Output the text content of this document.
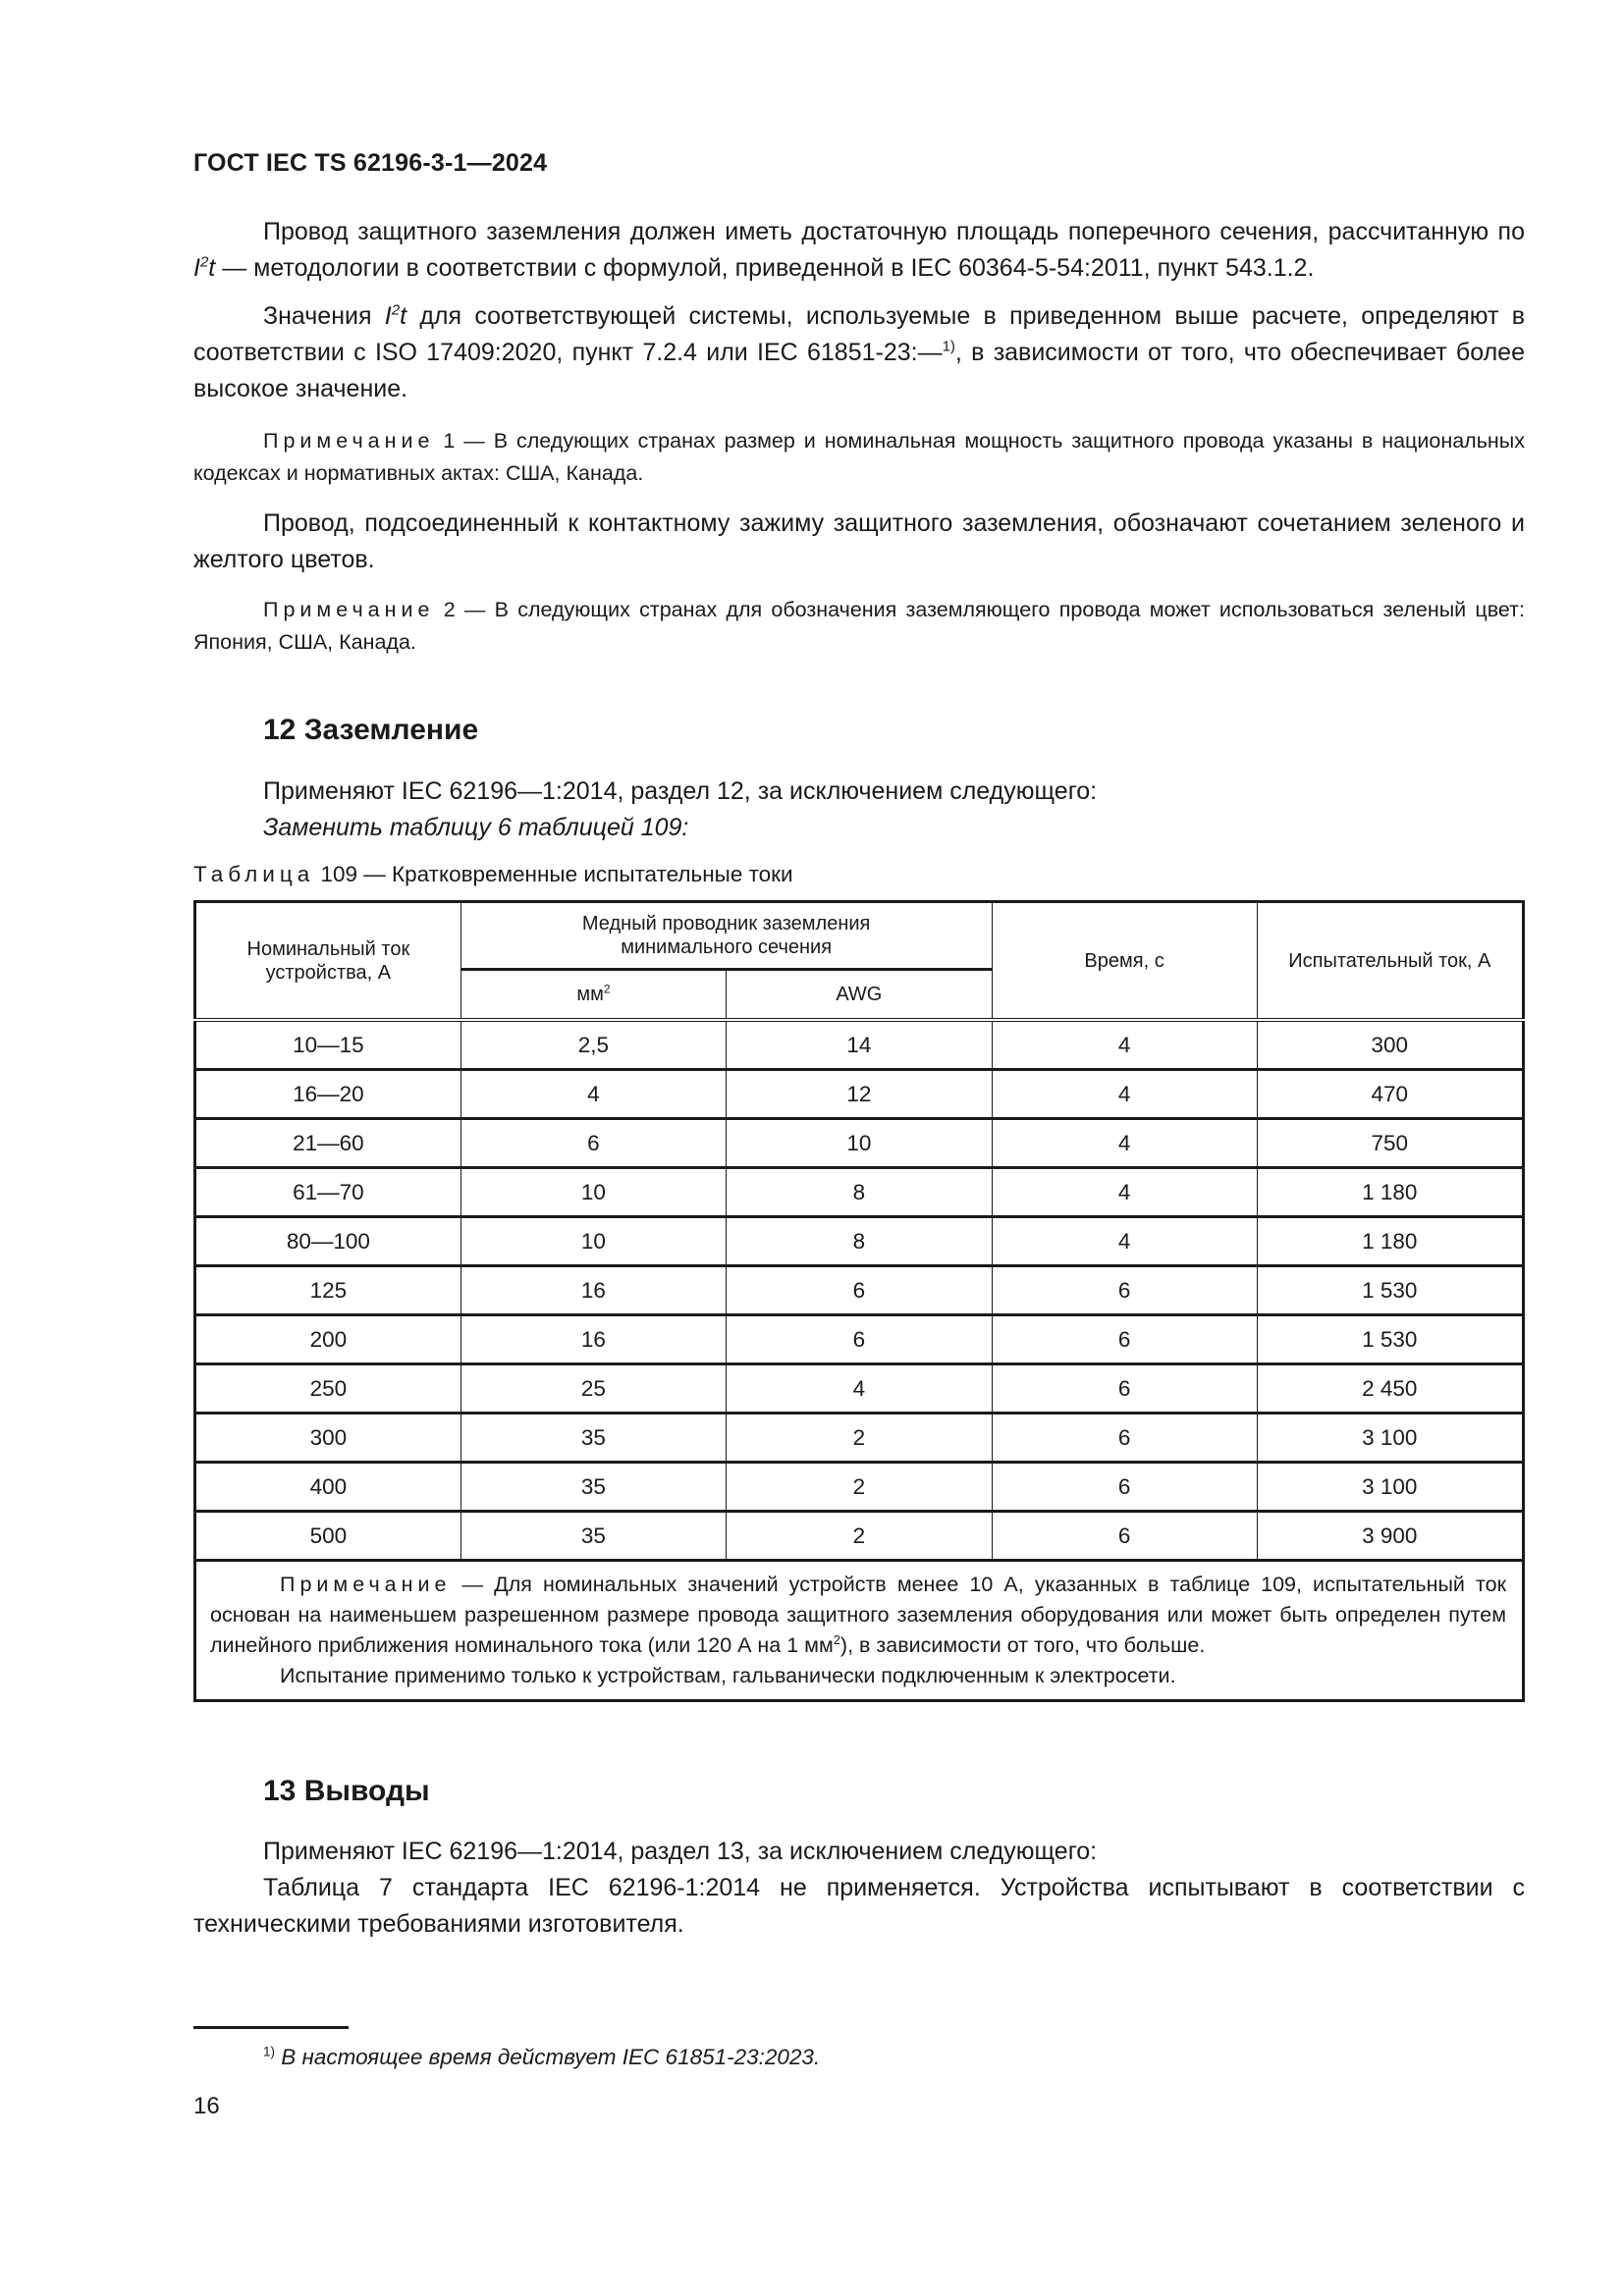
ГОСТ IEC TS 62196-3-1—2024

Провод защитного заземления должен иметь достаточную площадь поперечного сечения, рассчитанную по $I^2t$ — методологии в соответствии с формулой, приведенной в IEC 60364-5-54:2011, пункт 543.1.2.

Значения $I^2t$ для соответствующей системы, используемые в приведенном выше расчете, определяют в соответствии с ISO 17409:2020, пункт 7.2.4 или IEC 61851-23:—$^{1)}$, в зависимости от того, что обеспечивает более высокое значение.

Примечание 1 — В следующих странах размер и номинальная мощность защитного провода указаны в национальных кодексах и нормативных актах: США, Канада.

Провод, подсоединенный к контактному зажиму защитного заземления, обозначают сочетанием зеленого и желтого цветов.

Примечание 2 — В следующих странах для обозначения заземляющего провода может использоваться зеленый цвет: Япония, США, Канада.

12 Заземление

Применяют IEC 62196—1:2014, раздел 12, за исключением следующего:

Заменить таблицу 6 таблицей 109:

Таблица 109 — Кратковременные испытательные токи
Номинальный ток устройства, А	Медный проводник заземления минимального сечения		Время, с	Испытательный ток, А
	$мм^2$	AWG		
10—15	2,5	14	4	300
16—20	4	12	4	470
21—60	6	10	4	750
61—70	10	8	4	1 180
80—100	10	8	4	1 180
125	16	6	6	1 530
200	16	6	6	1 530
250	25	4	6	2 450
300	35	2	6	3 100
400	35	2	6	3 100
500	35	2	6	3 900

Примечание — Для номинальных значений устройств менее 10 А, указанных в таблице 109, испытательный ток основан на наименьшем разрешенном размере провода защитного заземления оборудования или может быть определен путем линейного приближения номинального тока (или 120 А на 1 $мм^2$), в зависимости от того, что больше.

Испытание применимо только к устройствам, гальванически подключенным к электросети.				

13 Выводы

Применяют IEC 62196—1:2014, раздел 13, за исключением следующего:

Таблица 7 стандарта IEC 62196-1:2014 не применяется. Устройства испытывают в соответствии с техническими требованиями изготовителя.

$^{1)}$ В настоящее время действует IEC 61851-23:2023.
16
